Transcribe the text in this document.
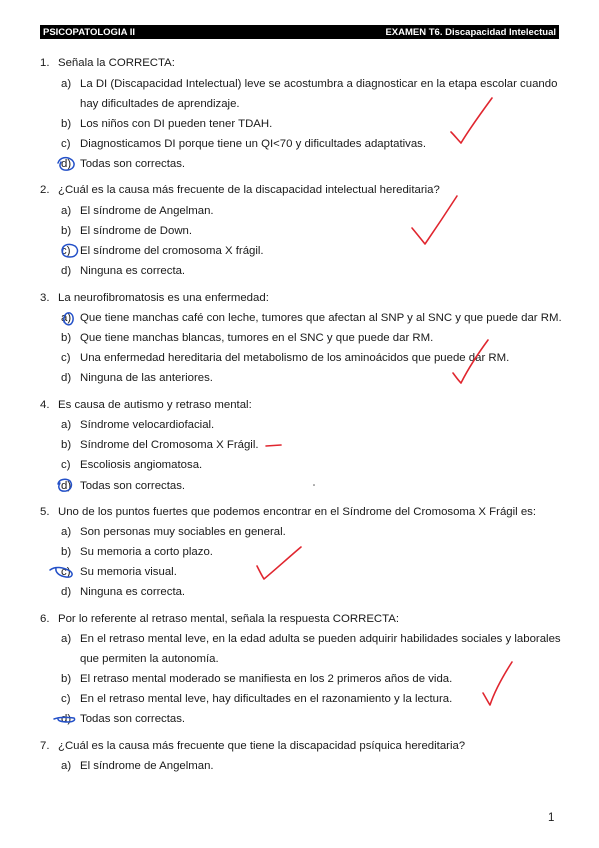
PSICOPATOLOGIA II	EXAMEN T6. Discapacidad Intelectual
1. Señala la CORRECTA:
a) La DI (Discapacidad Intelectual) leve se acostumbra a diagnosticar en la etapa escolar cuando
hay dificultades de aprendizaje.
b) Los niños con DI pueden tener TDAH.
c) Diagnosticamos DI porque tiene un QI<70 y dificultades adaptativas.
d) Todas son correctas.
2. ¿Cuál es la causa más frecuente de la discapacidad intelectual hereditaria?
a) El síndrome de Angelman.
b) El síndrome de Down.
c) El síndrome del cromosoma X frágil.
d) Ninguna es correcta.
3. La neurofibromatosis es una enfermedad:
a) Que tiene manchas café con leche, tumores que afectan al SNP y al SNC y que puede dar RM.
b) Que tiene manchas blancas, tumores en el SNC y que puede dar RM.
c) Una enfermedad hereditaria del metabolismo de los aminoácidos que puede dar RM.
d) Ninguna de las anteriores.
4. Es causa de autismo y retraso mental:
a) Síndrome velocardiofacial.
b) Síndrome del Cromosoma X Frágil.
c) Escoliosis angiomatosa.
d) Todas son correctas.
5. Uno de los puntos fuertes que podemos encontrar en el Síndrome del Cromosoma X Frágil es:
a) Son personas muy sociables en general.
b) Su memoria a corto plazo.
c) Su memoria visual.
d) Ninguna es correcta.
6. Por lo referente al retraso mental, señala la respuesta CORRECTA:
a) En el retraso mental leve, en la edad adulta se pueden adquirir habilidades sociales y laborales
que permiten la autonomía.
b) El retraso mental moderado se manifiesta en los 2 primeros años de vida.
c) En el retraso mental leve, hay dificultades en el razonamiento y la lectura.
d) Todas son correctas.
7. ¿Cuál es la causa más frecuente que tiene la discapacidad psíquica hereditaria?
a) El síndrome de Angelman.
1
